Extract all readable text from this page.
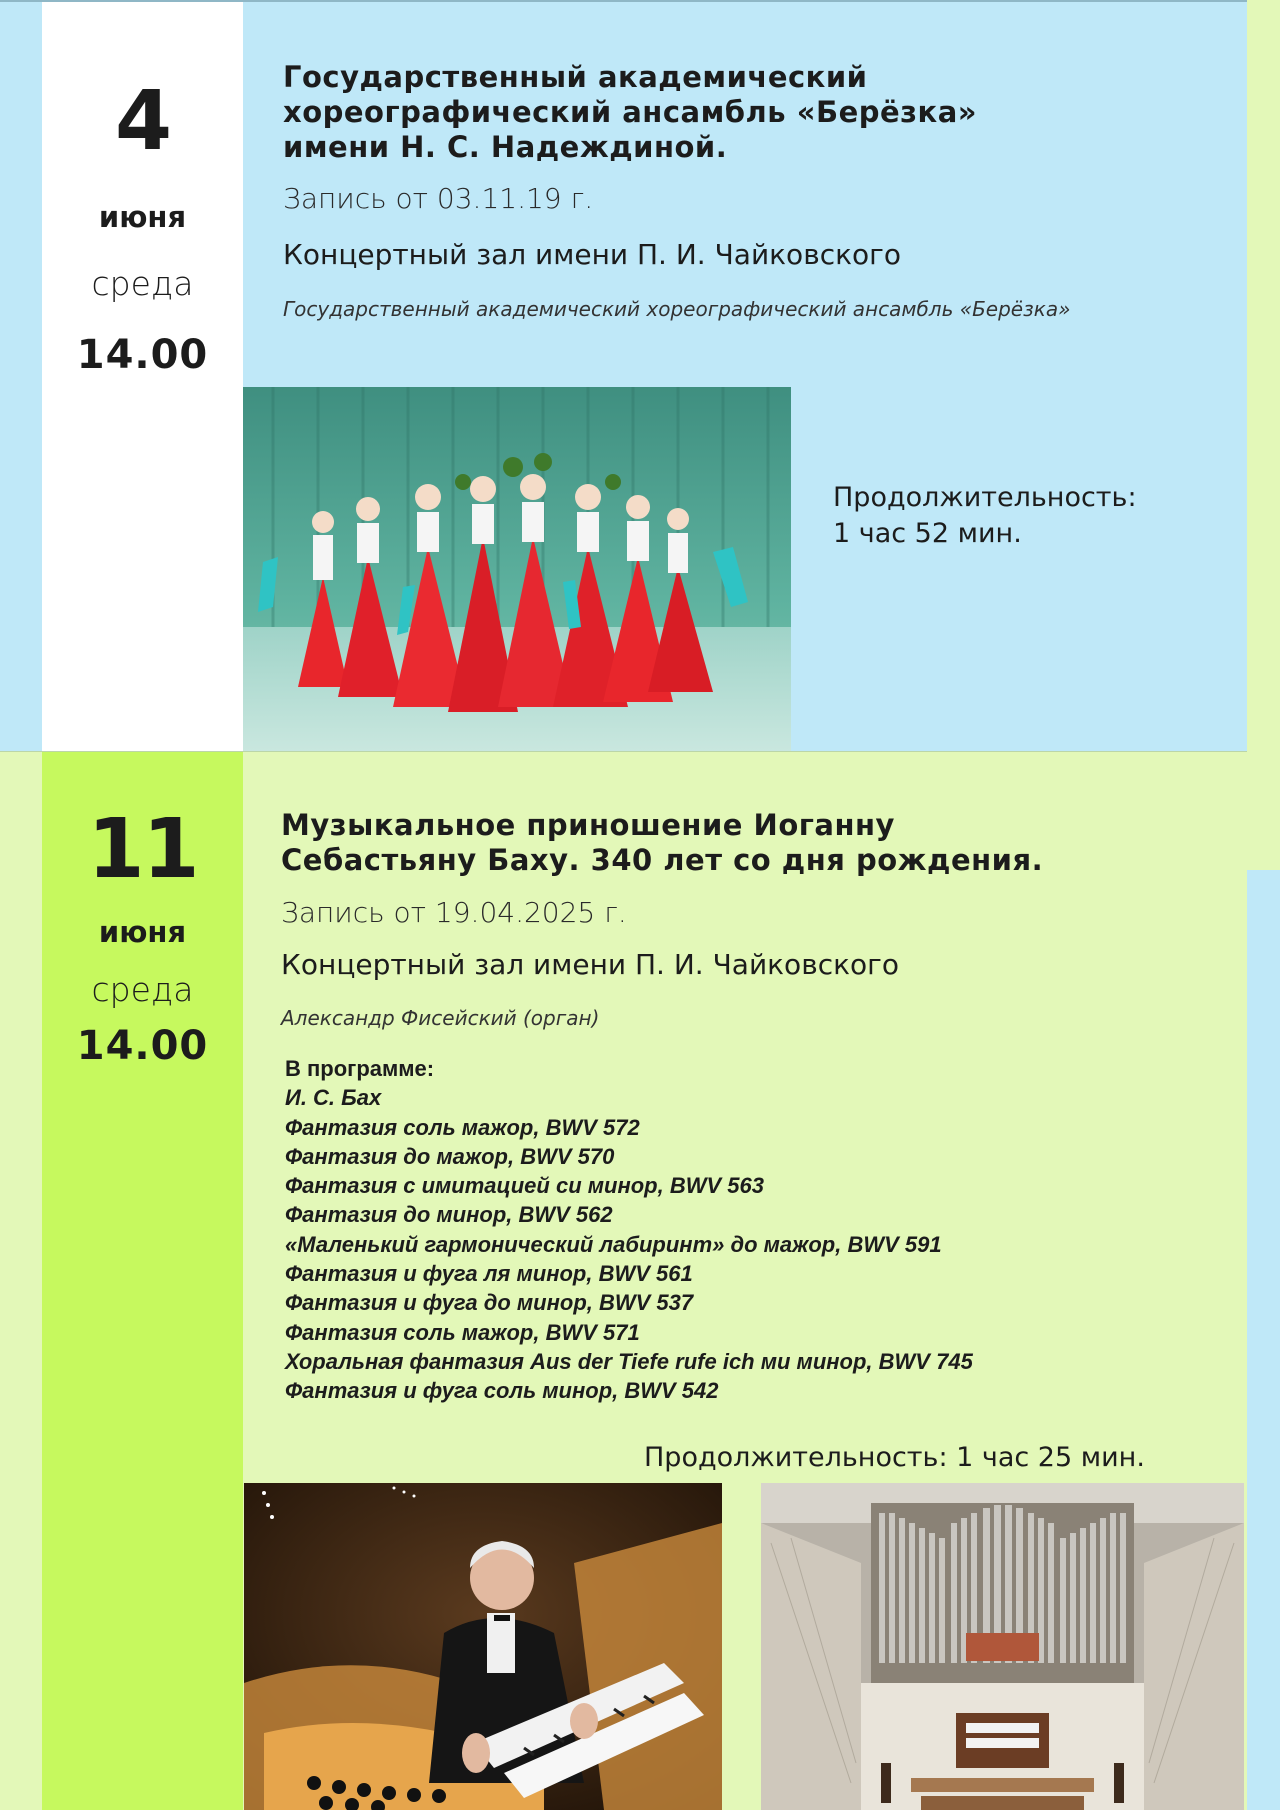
4
июня
среда
14.00
Государственный академический
хореографический ансамбль «Берёзка»
имени Н. С. Надеждиной.
Запись от 03.11.19 г.
Концертный зал имени П. И. Чайковского
Государственный академический хореографический ансамбль «Берёзка»
Продолжительность:
1 час 52 мин.
11
июня
среда
14.00
Музыкальное приношение Иоганну
Себастьяну Баху. 340 лет со дня рождения.
Запись от 19.04.2025 г.
Концертный зал имени П. И. Чайковского
Александр Фисейский (орган)
В программе:
И. С. Бах
Фантазия соль мажор, BWV 572
Фантазия до мажор, BWV 570
Фантазия с имитацией си минор, BWV 563
Фантазия до минор, BWV 562
«Маленький гармонический лабиринт» до мажор, BWV 591
Фантазия и фуга ля минор, BWV 561
Фантазия и фуга до минор, BWV 537
Фантазия соль мажор, BWV 571
Хоральная фантазия Aus der Tiefe rufe ich ми минор, BWV 745
Фантазия и фуга соль минор, BWV 542
Продолжительность: 1 час 25 мин.
